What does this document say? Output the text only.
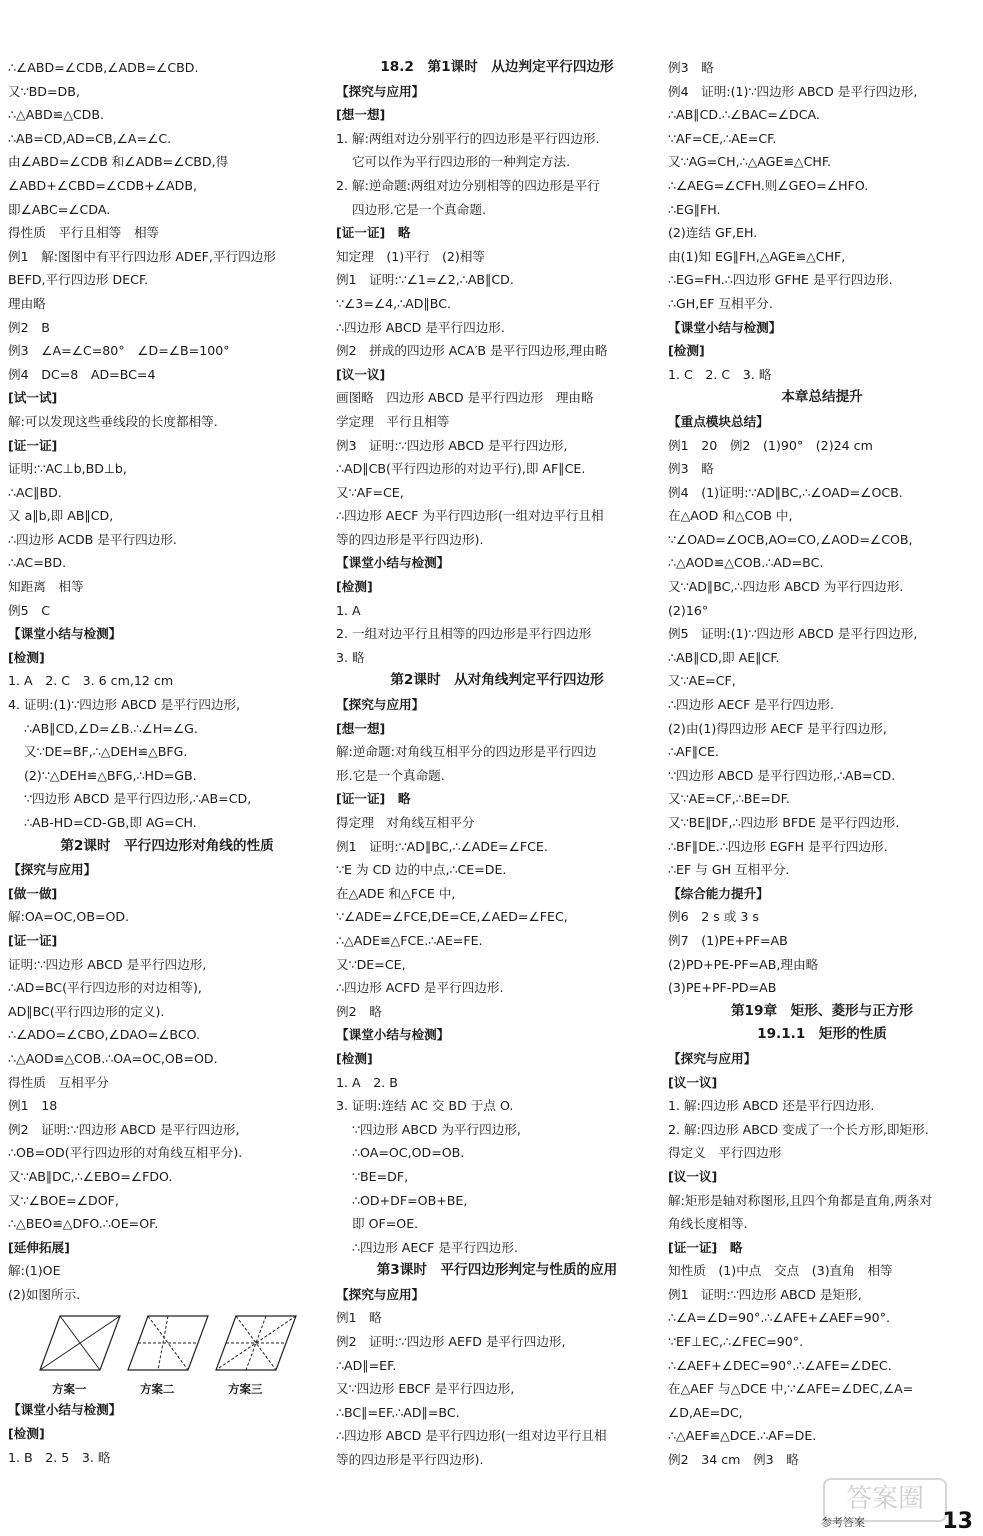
∴∠ABD=∠CDB,∠ADB=∠CBD.
又∵BD=DB,
∴△ABD≌△CDB.
∴AB=CD,AD=CB,∠A=∠C.
由∠ABD=∠CDB 和∠ADB=∠CBD,得
∠ABD+∠CBD=∠CDB+∠ADB,
即∠ABC=∠CDA.
得性质　平行且相等　相等
例1　解:图图中有平行四边形 ADEF,平行四边形
BEFD,平行四边形 DECF.
理由略
例2　B
例3　∠A=∠C=80°　∠D=∠B=100°
例4　DC=8　AD=BC=4
[试一试]
解:可以发现这些垂线段的长度都相等.
[证一证]
证明:∵AC⊥b,BD⊥b,
∴AC∥BD.
又 a∥b,即 AB∥CD,
∴四边形 ACDB 是平行四边形.
∴AC=BD.
知距离　相等
例5　C
【课堂小结与检测】
[检测]
1. A　2. C　3. 6 cm,12 cm
4. 证明:(1)∵四边形 ABCD 是平行四边形,
∴AB∥CD,∠D=∠B.∴∠H=∠G.
又∵DE=BF,∴△DEH≌△BFG.
(2)∵△DEH≌△BFG,∴HD=GB.
∵四边形 ABCD 是平行四边形,∴AB=CD,
∴AB-HD=CD-GB,即 AG=CH.
第2课时　平行四边形对角线的性质
【探究与应用】
[做一做]
解:OA=OC,OB=OD.
[证一证]
证明:∵四边形 ABCD 是平行四边形,
∴AD=BC(平行四边形的对边相等),
AD∥BC(平行四边形的定义).
∴∠ADO=∠CBO,∠DAO=∠BCO.
∴△AOD≌△COB.∴OA=OC,OB=OD.
得性质　互相平分
例1　18
例2　证明:∵四边形 ABCD 是平行四边形,
∴OB=OD(平行四边形的对角线互相平分).
又∵AB∥DC,∴∠EBO=∠FDO.
又∵∠BOE=∠DOF,
∴△BEO≌△DFO.∴OE=OF.
[延伸拓展]
解:(1)OE
(2)如图所示.
方案一	方案二	方案三
【课堂小结与检测】
[检测]
1. B　2. 5　3. 略
18.2　第1课时　从边判定平行四边形
【探究与应用】
[想一想]
1. 解:两组对边分别平行的四边形是平行四边形.
它可以作为平行四边形的一种判定方法.
2. 解:逆命题:两组对边分别相等的四边形是平行
四边形.它是一个真命题.
[证一证]　略
知定理　(1)平行　(2)相等
例1　证明:∵∠1=∠2,∴AB∥CD.
∵∠3=∠4,∴AD∥BC.
∴四边形 ABCD 是平行四边形.
例2　拼成的四边形 ACA′B 是平行四边形,理由略
[议一议]
画图略　四边形 ABCD 是平行四边形　理由略
学定理　平行且相等
例3　证明:∵四边形 ABCD 是平行四边形,
∴AD∥CB(平行四边形的对边平行),即 AF∥CE.
又∵AF=CE,
∴四边形 AECF 为平行四边形(一组对边平行且相
等的四边形是平行四边形).
【课堂小结与检测】
[检测]
1. A
2. 一组对边平行且相等的四边形是平行四边形
3. 略
第2课时　从对角线判定平行四边形
【探究与应用】
[想一想]
解:逆命题:对角线互相平分的四边形是平行四边
形.它是一个真命题.
[证一证]　略
得定理　对角线互相平分
例1　证明:∵AD∥BC,∴∠ADE=∠FCE.
∵E 为 CD 边的中点,∴CE=DE.
在△ADE 和△FCE 中,
∵∠ADE=∠FCE,DE=CE,∠AED=∠FEC,
∴△ADE≌△FCE.∴AE=FE.
又∵DE=CE,
∴四边形 ACFD 是平行四边形.
例2　略
【课堂小结与检测】
[检测]
1. A　2. B
3. 证明:连结 AC 交 BD 于点 O.
∵四边形 ABCD 为平行四边形,
∴OA=OC,OD=OB.
∵BE=DF,
∴OD+DF=OB+BE,
即 OF=OE.
∴四边形 AECF 是平行四边形.
第3课时　平行四边形判定与性质的应用
【探究与应用】
例1　略
例2　证明:∵四边形 AEFD 是平行四边形,
∴AD∥=EF.
又∵四边形 EBCF 是平行四边形,
∴BC∥=EF.∴AD∥=BC.
∴四边形 ABCD 是平行四边形(一组对边平行且相
等的四边形是平行四边形).
例3　略
例4　证明:(1)∵四边形 ABCD 是平行四边形,
∴AB∥CD.∴∠BAC=∠DCA.
∵AF=CE,∴AE=CF.
又∵AG=CH,∴△AGE≌△CHF.
∴∠AEG=∠CFH.则∠GEO=∠HFO.
∴EG∥FH.
(2)连结 GF,EH.
由(1)知 EG∥FH,△AGE≌△CHF,
∴EG=FH.∴四边形 GFHE 是平行四边形.
∴GH,EF 互相平分.
【课堂小结与检测】
[检测]
1. C　2. C　3. 略
本章总结提升
【重点模块总结】
例1　20　例2　(1)90°　(2)24 cm
例3　略
例4　(1)证明:∵AD∥BC,∴∠OAD=∠OCB.
在△AOD 和△COB 中,
∵∠OAD=∠OCB,AO=CO,∠AOD=∠COB,
∴△AOD≌△COB.∴AD=BC.
又∵AD∥BC,∴四边形 ABCD 为平行四边形.
(2)16°
例5　证明:(1)∵四边形 ABCD 是平行四边形,
∴AB∥CD,即 AE∥CF.
又∵AE=CF,
∴四边形 AECF 是平行四边形.
(2)由(1)得四边形 AECF 是平行四边形,
∴AF∥CE.
∵四边形 ABCD 是平行四边形,∴AB=CD.
又∵AE=CF,∴BE=DF.
又∵BE∥DF,∴四边形 BFDE 是平行四边形.
∴BF∥DE.∴四边形 EGFH 是平行四边形.
∴EF 与 GH 互相平分.
【综合能力提升】
例6　2 s 或 3 s
例7　(1)PE+PF=AB
(2)PD+PE-PF=AB,理由略
(3)PE+PF-PD=AB
第19章　矩形、菱形与正方形
19.1.1　矩形的性质
【探究与应用】
[议一议]
1. 解:四边形 ABCD 还是平行四边形.
2. 解:四边形 ABCD 变成了一个长方形,即矩形.
得定义　平行四边形
[议一议]
解:矩形是轴对称图形,且四个角都是直角,两条对
角线长度相等.
[证一证]　略
知性质　(1)中点　交点　(3)直角　相等
例1　证明:∵四边形 ABCD 是矩形,
∴∠A=∠D=90°.∴∠AFE+∠AEF=90°.
∵EF⊥EC,∴∠FEC=90°.
∴∠AEF+∠DEC=90°.∴∠AFE=∠DEC.
在△AEF 与△DCE 中,∵∠AFE=∠DEC,∠A=
∠D,AE=DC,
∴△AEF≌△DCE.∴AF=DE.
例2　34 cm　例3　略
答案圈
参考答案	13
